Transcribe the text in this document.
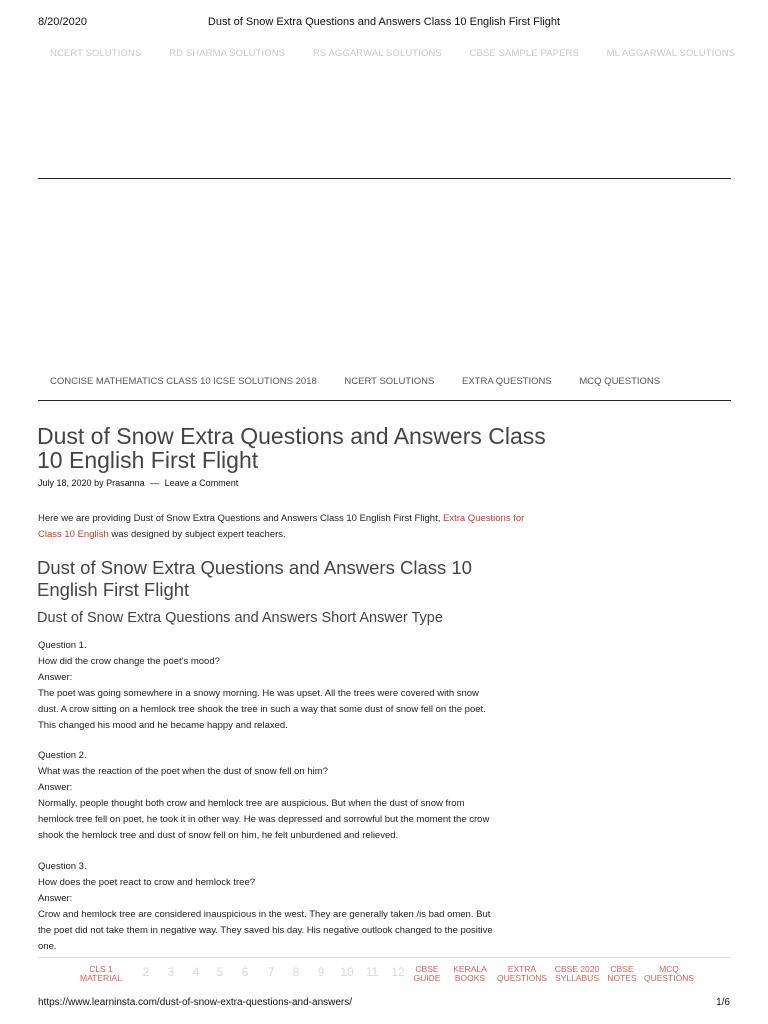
8/20/2020	Dust of Snow Extra Questions and Answers Class 10 English First Flight
NCERT SOLUTIONS	RD SHARMA SOLUTIONS	RS AGGARWAL SOLUTIONS	CBSE SAMPLE PAPERS	ML AGGARWAL SOLUTIONS
CONCISE MATHEMATICS CLASS 10 ICSE SOLUTIONS 2018	NCERT SOLUTIONS	EXTRA QUESTIONS	MCQ QUESTIONS
Dust of Snow Extra Questions and Answers Class 10 English First Flight
July 18, 2020 by Prasanna — Leave a Comment
Here we are providing Dust of Snow Extra Questions and Answers Class 10 English First Flight, Extra Questions for Class 10 English was designed by subject expert teachers.
Dust of Snow Extra Questions and Answers Class 10 English First Flight
Dust of Snow Extra Questions and Answers Short Answer Type

Question 1.

How did the crow change the poet's mood?

Answer:

The poet was going somewhere in a snowy morning. He was upset. All the trees were covered with snow

dust. A crow sitting on a hemlock tree shook the tree in such a way that some dust of snow fell on the poet.

This changed his mood and he became happy and relaxed.

Question 2.

What was the reaction of the poet when the dust of snow fell on him?

Answer:

Normally, people thought both crow and hemlock tree are auspicious. But when the dust of snow from

hemlock tree fell on poet, he took it in other way. He was depressed and sorrowful but the moment the crow

shook the hemlock tree and dust of snow fell on him, he felt unburdened and relieved.

Question 3.

How does the poet react to crow and hemlock tree?

Answer:

Crow and hemlock tree are considered inauspicious in the west. They are generally taken /is bad omen. But

the poet did not take them in negative way. They saved his day. His negative outlook changed to the positive

one.

CLS 1
MATERIAL	2	3	4	5	6	7	8	9	10	11	12	CBSE
GUIDE
KERALA
BOOKS
EXTRA
QUESTIONS
CBSE 2020
SYLLABUS
CBSE
NOTES
MCQ
QUESTIONS
https://www.learninsta.com/dust-of-snow-extra-questions-and-answers/	1/6
